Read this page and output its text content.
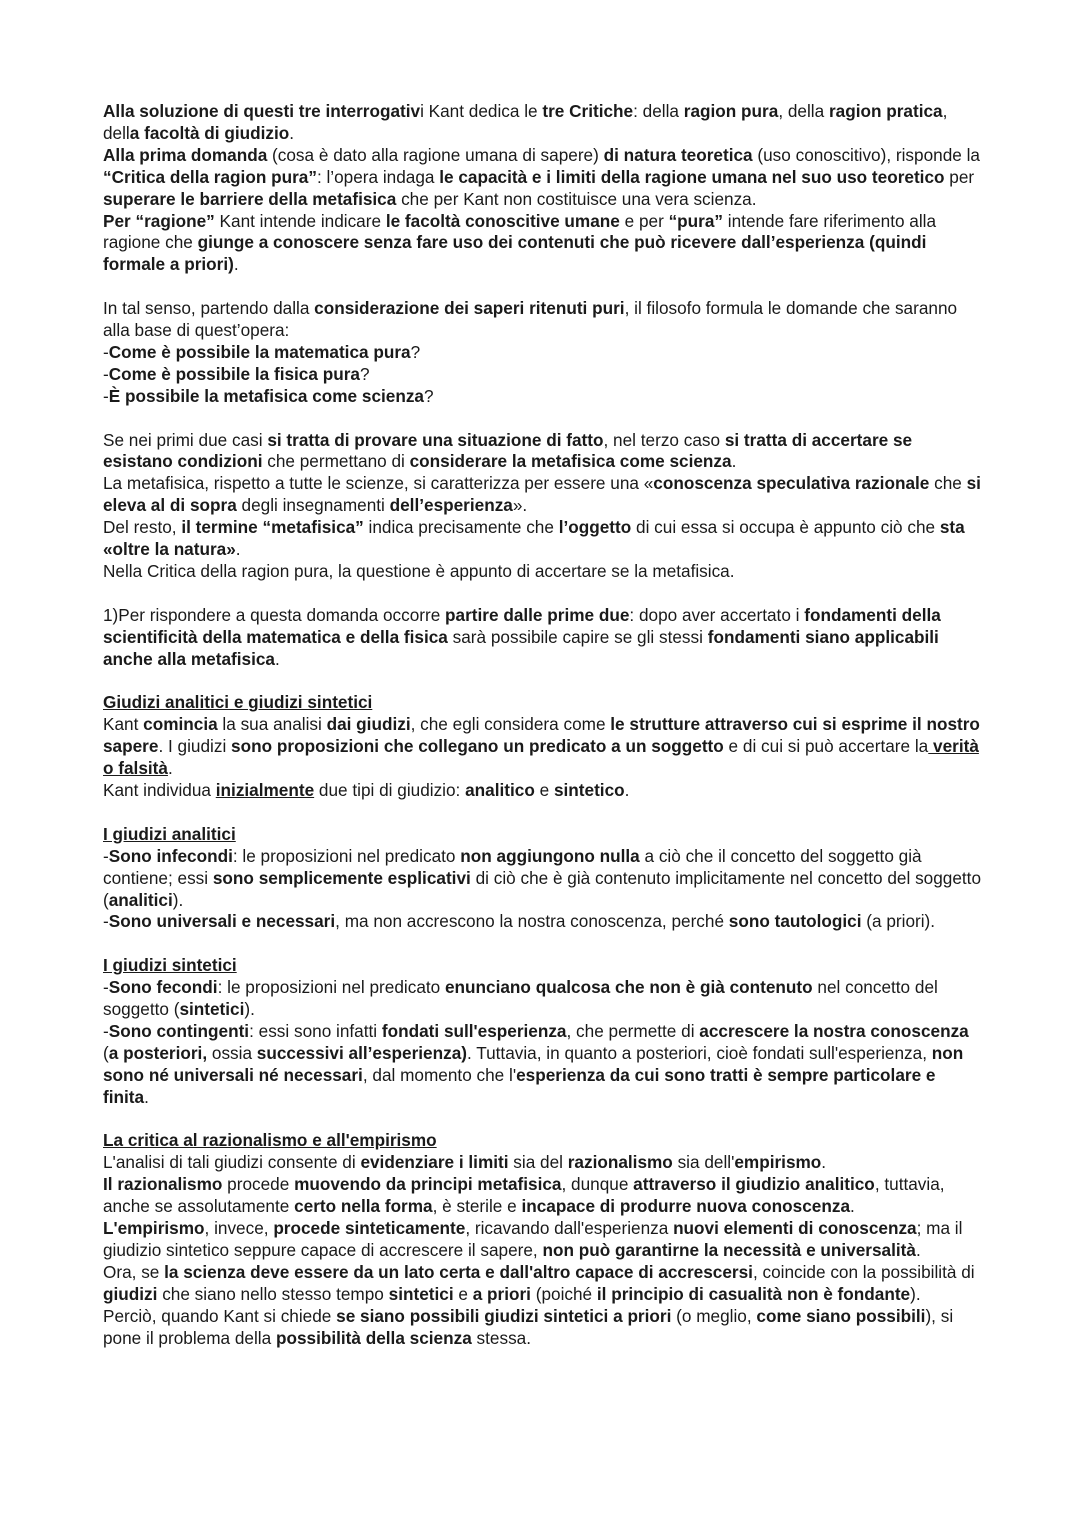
Alla soluzione di questi tre interrogativi Kant dedica le tre Critiche: della ragion pura, della ragion pratica, della facoltà di giudizio.

Alla prima domanda (cosa è dato alla ragione umana di sapere) di natura teoretica (uso conoscitivo), risponde la “Critica della ragion pura”: l’opera indaga le capacità e i limiti della ragione umana nel suo uso teoretico per superare le barriere della metafisica che per Kant non costituisce una vera scienza.

Per “ragione” Kant intende indicare le facoltà conoscitive umane e per “pura” intende fare riferimento alla ragione che giunge a conoscere senza fare uso dei contenuti che può ricevere dall’esperienza (quindi formale a priori).

In tal senso, partendo dalla considerazione dei saperi ritenuti puri, il filosofo formula le domande che saranno alla base di quest’opera:

-Come è possibile la matematica pura?

-Come è possibile la fisica pura?

-È possibile la metafisica come scienza?

Se nei primi due casi si tratta di provare una situazione di fatto, nel terzo caso si tratta di accertare se esistano condizioni che permettano di considerare la metafisica come scienza.

La metafisica, rispetto a tutte le scienze, si caratterizza per essere una «conoscenza speculativa razionale che si eleva al di sopra degli insegnamenti dell’esperienza».

Del resto, il termine “metafisica” indica precisamente che l’oggetto di cui essa si occupa è appunto ciò che sta «oltre la natura».

Nella Critica della ragion pura, la questione è appunto di accertare se la metafisica.

1)Per rispondere a questa domanda occorre partire dalle prime due: dopo aver accertato i fondamenti della scientificità della matematica e della fisica sarà possibile capire se gli stessi fondamenti siano applicabili anche alla metafisica.

Giudizi analitici e giudizi sintetici

Kant comincia la sua analisi dai giudizi, che egli considera come le strutture attraverso cui si esprime il nostro sapere. I giudizi sono proposizioni che collegano un predicato a un soggetto e di cui si può accertare la verità o falsità.

Kant individua inizialmente due tipi di giudizio: analitico e sintetico.

I giudizi analitici

-Sono infecondi: le proposizioni nel predicato non aggiungono nulla a ciò che il concetto del soggetto già contiene; essi sono semplicemente esplicativi di ciò che è già contenuto implicitamente nel concetto del soggetto (analitici).

-Sono universali e necessari, ma non accrescono la nostra conoscenza, perché sono tautologici (a priori).

I giudizi sintetici

-Sono fecondi: le proposizioni nel predicato enunciano qualcosa che non è già contenuto nel concetto del soggetto (sintetici).

-Sono contingenti: essi sono infatti fondati sull'esperienza, che permette di accrescere la nostra conoscenza (a posteriori, ossia successivi all’esperienza). Tuttavia, in quanto a posteriori, cioè fondati sull'esperienza, non sono né universali né necessari, dal momento che l'esperienza da cui sono tratti è sempre particolare e finita.

La critica al razionalismo e all'empirismo

L'analisi di tali giudizi consente di evidenziare i limiti sia del razionalismo sia dell'empirismo.

Il razionalismo procede muovendo da principi metafisica, dunque attraverso il giudizio analitico, tuttavia, anche se assolutamente certo nella forma, è sterile e incapace di produrre nuova conoscenza.

L'empirismo, invece, procede sinteticamente, ricavando dall'esperienza nuovi elementi di conoscenza; ma il giudizio sintetico seppure capace di accrescere il sapere, non può garantirne la necessità e universalità.

Ora, se la scienza deve essere da un lato certa e dall'altro capace di accrescersi, coincide con la possibilità di giudizi che siano nello stesso tempo sintetici e a priori (poiché il principio di casualità non è fondante).

Perciò, quando Kant si chiede se siano possibili giudizi sintetici a priori (o meglio, come siano possibili), si pone il problema della possibilità della scienza stessa.
